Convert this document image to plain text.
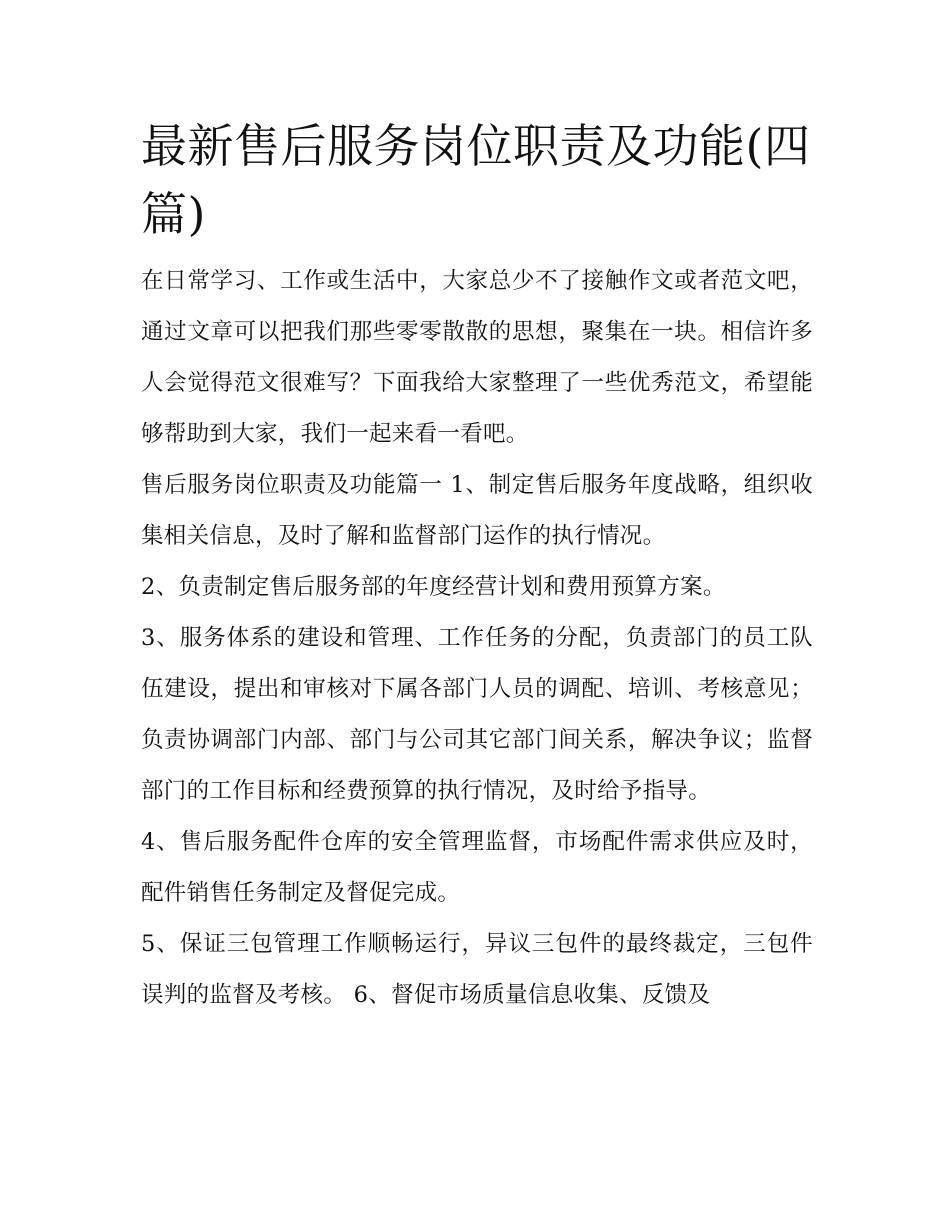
最新售后服务岗位职责及功能(四篇)

在日常学习、工作或生活中，大家总少不了接触作文或者范文吧，通过文章可以把我们那些零零散散的思想，聚集在一块。相信许多人会觉得范文很难写？下面我给大家整理了一些优秀范文，希望能够帮助到大家，我们一起来看一看吧。

售后服务岗位职责及功能篇一 1、制定售后服务年度战略，组织收集相关信息，及时了解和监督部门运作的执行情况。

2、负责制定售后服务部的年度经营计划和费用预算方案。

3、服务体系的建设和管理、工作任务的分配，负责部门的员工队伍建设，提出和审核对下属各部门人员的调配、培训、考核意见；负责协调部门内部、部门与公司其它部门间关系，解决争议；监督部门的工作目标和经费预算的执行情况，及时给予指导。

4、售后服务配件仓库的安全管理监督，市场配件需求供应及时，配件销售任务制定及督促完成。

5、保证三包管理工作顺畅运行，异议三包件的最终裁定，三包件误判的监督及考核。 6、督促市场质量信息收集、反馈及
